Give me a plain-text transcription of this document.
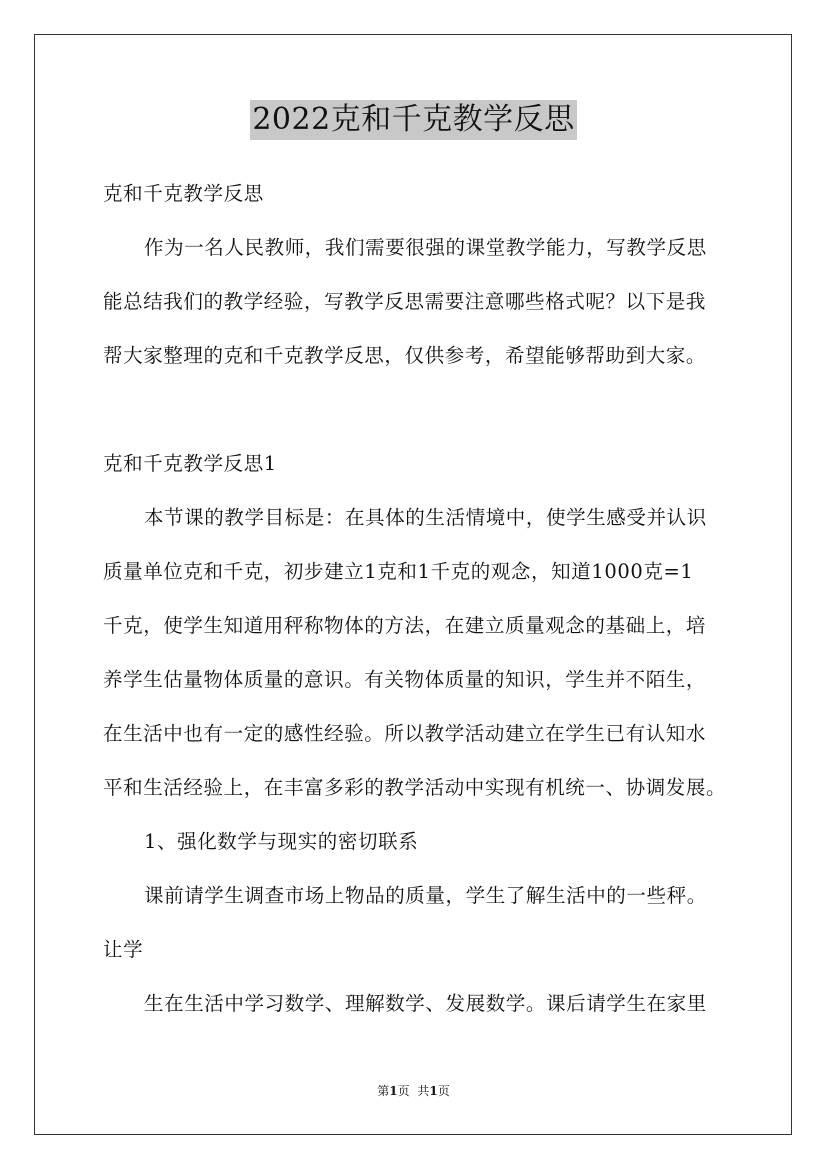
2022克和千克教学反思
克和千克教学反思
作为一名人民教师，我们需要很强的课堂教学能力，写教学反思
能总结我们的教学经验，写教学反思需要注意哪些格式呢？以下是我
帮大家整理的克和千克教学反思，仅供参考，希望能够帮助到大家。
克和千克教学反思1
本节课的教学目标是：在具体的生活情境中，使学生感受并认识
质量单位克和千克，初步建立1克和1千克的观念，知道1000克=1
千克，使学生知道用秤称物体的方法，在建立质量观念的基础上，培
养学生估量物体质量的意识。有关物体质量的知识，学生并不陌生，
在生活中也有一定的感性经验。所以教学活动建立在学生已有认知水
平和生活经验上，在丰富多彩的教学活动中实现有机统一、协调发展。
1、强化数学与现实的密切联系
课前请学生调查市场上物品的质量，学生了解生活中的一些秤。
让学
生在生活中学习数学、理解数学、发展数学。课后请学生在家里
第1页 共1页
